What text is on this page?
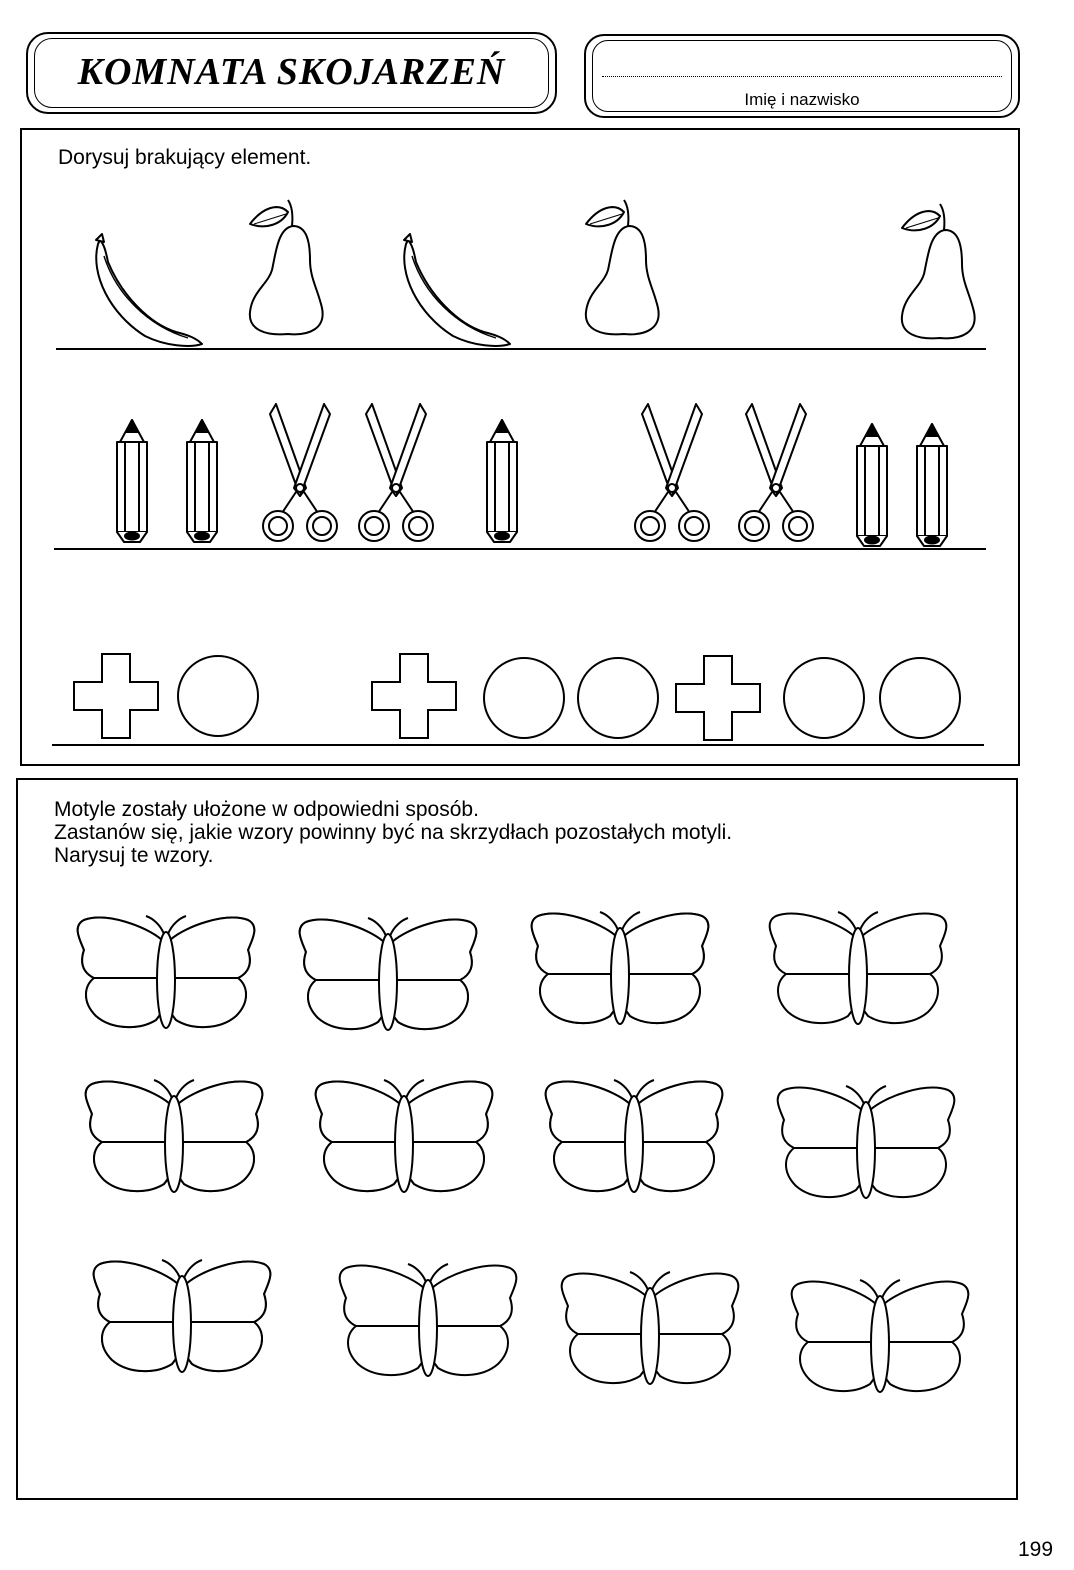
KOMNATA SKOJARZEŃ
Imię i nazwisko
Dorysuj brakujący element.
Motyle zostały ułożone w odpowiedni sposób.
Zastanów się, jakie wzory powinny być na skrzydłach pozostałych motyli.
Narysuj te wzory.
199
